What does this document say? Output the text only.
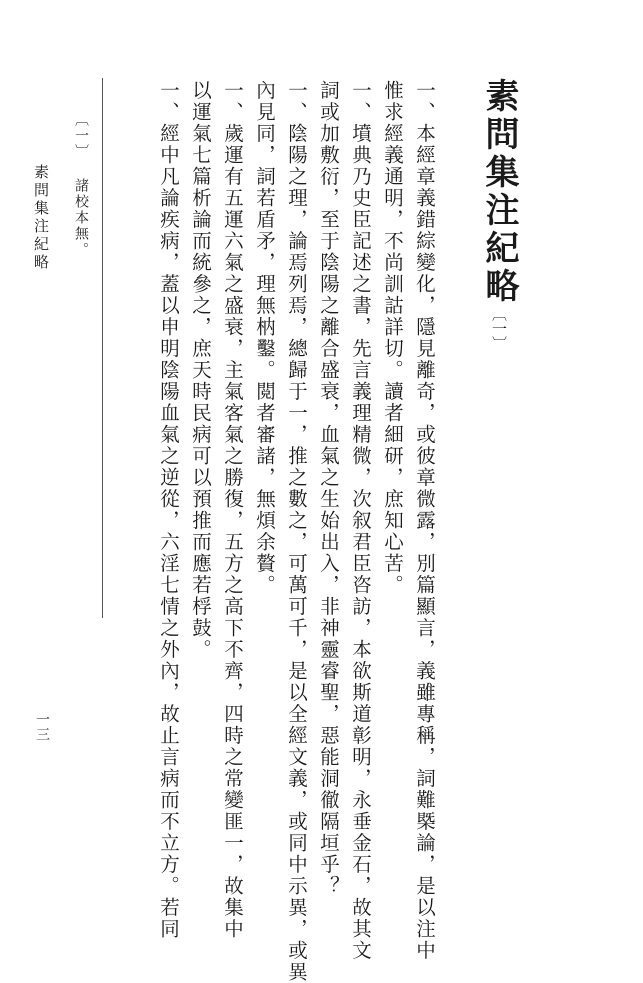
素問集注紀略〔一〕
一、本經章義錯綜變化，隱見離奇，或彼章微露，別篇顯言，義雖專稱，詞難槩論，是以注中
惟求經義通明，不尚訓詁詳切。讀者細研，庶知心苦。
一、墳典乃史臣記述之書，先言義理精微，次叙君臣咨訪，本欲斯道彰明，永垂金石，故其文
詞或加敷衍，至于陰陽之離合盛衰，血氣之生始出入，非神靈睿聖，惡能洞徹隔垣乎？
一、陰陽之理，論焉列焉，總歸于一，推之數之，可萬可千，是以全經文義，或同中示異，或異
內見同，詞若盾矛，理無枘鑿。閲者審諸，無煩余贅。
一、歲運有五運六氣之盛衰，主氣客氣之勝復，五方之高下不齊，四時之常變匪一，故集中
以運氣七篇析論而統參之，庶天時民病可以預推而應若桴鼓。
一、經中凡論疾病，蓋以申明陰陽血氣之逆從，六淫七情之外內，故止言病而不立方。若同
〔一〕 諸校本無。
素問集注紀略
一三
